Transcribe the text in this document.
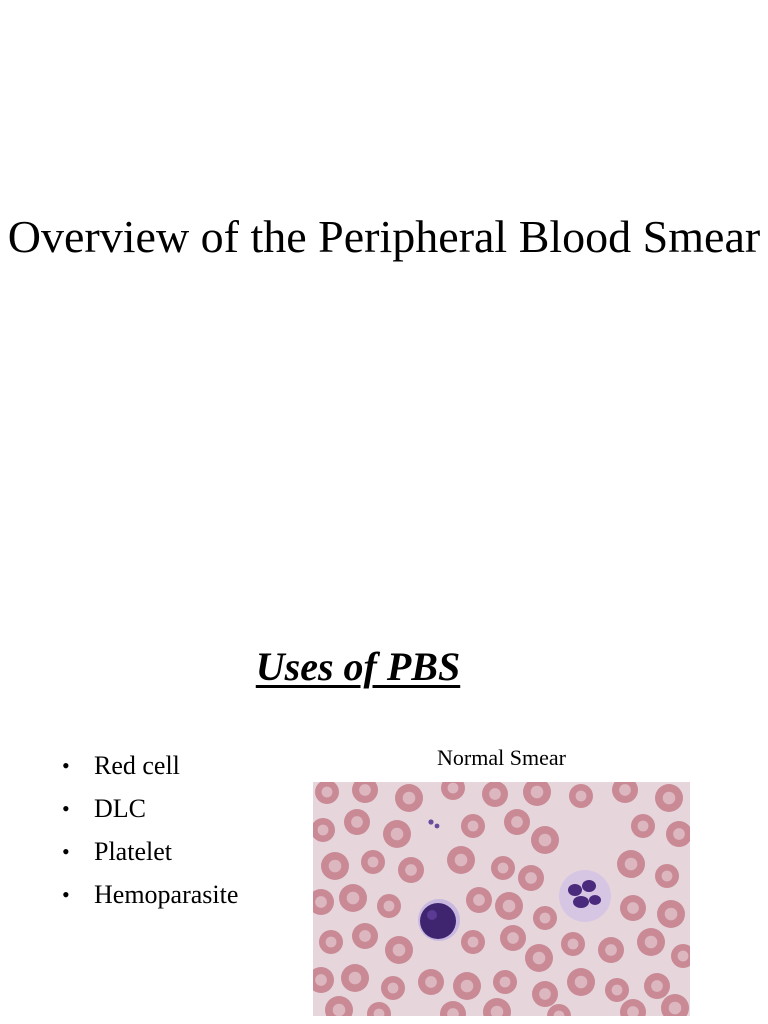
Overview of the Peripheral Blood Smear
Uses of PBS
• Red cell
• DLC
• Platelet
• Hemoparasite

Normal Smear
